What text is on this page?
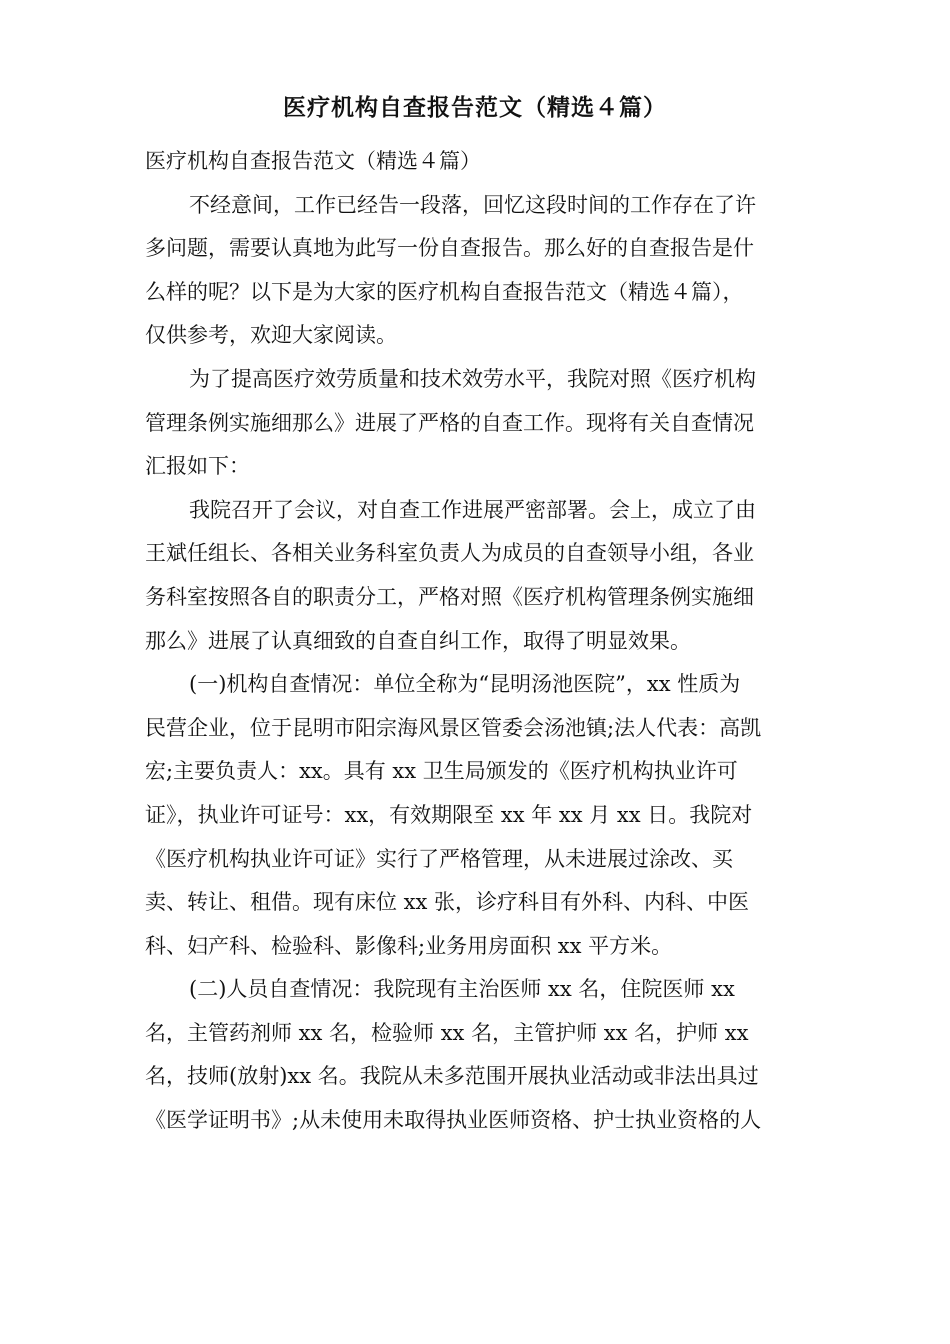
医疗机构自查报告范文（精选４篇）

医疗机构自查报告范文（精选４篇）

不经意间，工作已经告一段落，回忆这段时间的工作存在了许
多问题，需要认真地为此写一份自查报告。那么好的自查报告是什
么样的呢？以下是为大家的医疗机构自查报告范文（精选４篇），
仅供参考，欢迎大家阅读。
为了提高医疗效劳质量和技术效劳水平，我院对照《医疗机构
管理条例实施细那么》进展了严格的自查工作。现将有关自查情况
汇报如下：
我院召开了会议，对自查工作进展严密部署。会上，成立了由
王斌任组长、各相关业务科室负责人为成员的自查领导小组，各业
务科室按照各自的职责分工，严格对照《医疗机构管理条例实施细
那么》进展了认真细致的自查自纠工作，取得了明显效果。
(一)机构自查情况：单位全称为“昆明汤池医院”，xx 性质为
民营企业，位于昆明市阳宗海风景区管委会汤池镇;法人代表：高凯
宏;主要负责人：xx。具有 xx 卫生局颁发的《医疗机构执业许可
证》，执业许可证号：xx，有效期限至 xx 年 xx 月 xx 日。我院对
《医疗机构执业许可证》实行了严格管理，从未进展过涂改、买
卖、转让、租借。现有床位 xx 张，诊疗科目有外科、内科、中医
科、妇产科、检验科、影像科;业务用房面积 xx 平方米。
(二)人员自查情况：我院现有主治医师 xx 名，住院医师 xx
名，主管药剂师 xx 名，检验师 xx 名，主管护师 xx 名，护师 xx
名，技师(放射)xx 名。我院从未多范围开展执业活动或非法出具过
《医学证明书》;从未使用未取得执业医师资格、护士执业资格的人
